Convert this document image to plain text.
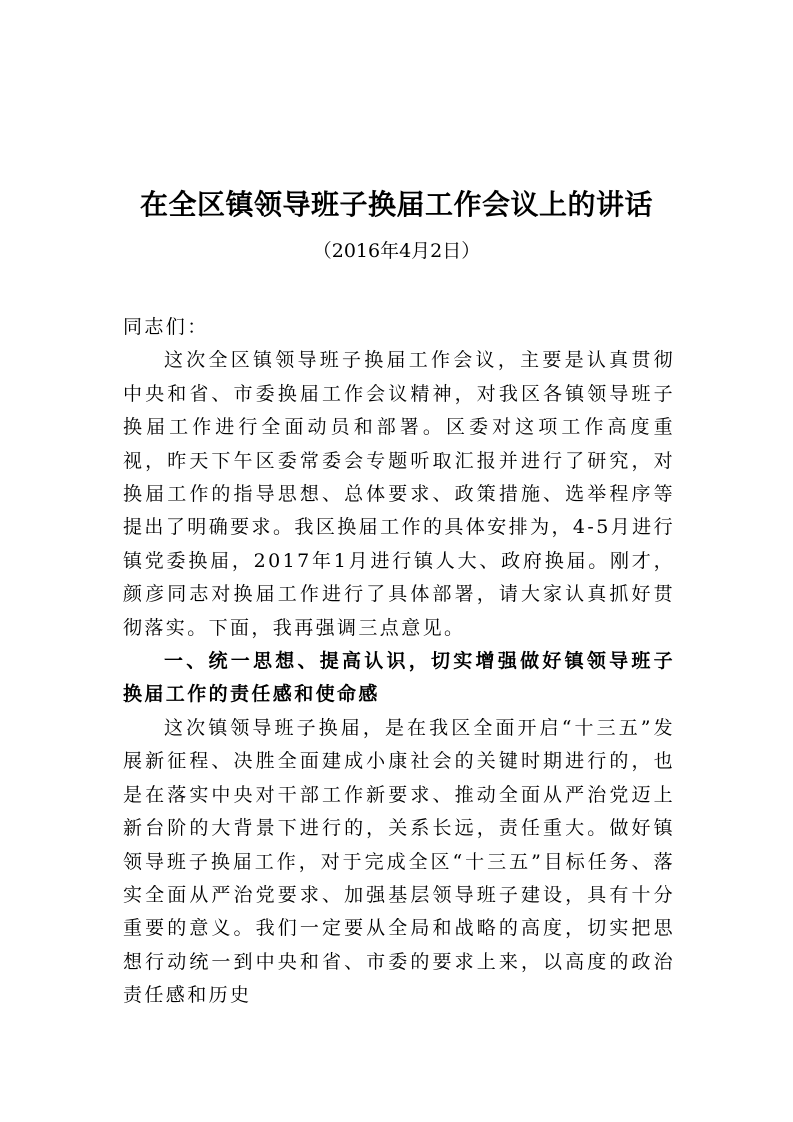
在全区镇领导班子换届工作会议上的讲话
（2016年4月2日）

同志们：

这次全区镇领导班子换届工作会议，主要是认真贯彻中央和省、市委换届工作会议精神，对我区各镇领导班子换届工作进行全面动员和部署。区委对这项工作高度重视，昨天下午区委常委会专题听取汇报并进行了研究，对换届工作的指导思想、总体要求、政策措施、选举程序等提出了明确要求。我区换届工作的具体安排为，4-5月进行镇党委换届，2017年1月进行镇人大、政府换届。刚才，颜彦同志对换届工作进行了具体部署，请大家认真抓好贯彻落实。下面，我再强调三点意见。

一、统一思想、提高认识，切实增强做好镇领导班子换届工作的责任感和使命感

这次镇领导班子换届，是在我区全面开启“十三五”发展新征程、决胜全面建成小康社会的关键时期进行的，也是在落实中央对干部工作新要求、推动全面从严治党迈上新台阶的大背景下进行的，关系长远，责任重大。做好镇领导班子换届工作，对于完成全区“十三五”目标任务、落实全面从严治党要求、加强基层领导班子建设，具有十分重要的意义。我们一定要从全局和战略的高度，切实把思想行动统一到中央和省、市委的要求上来，以高度的政治责任感和历史
